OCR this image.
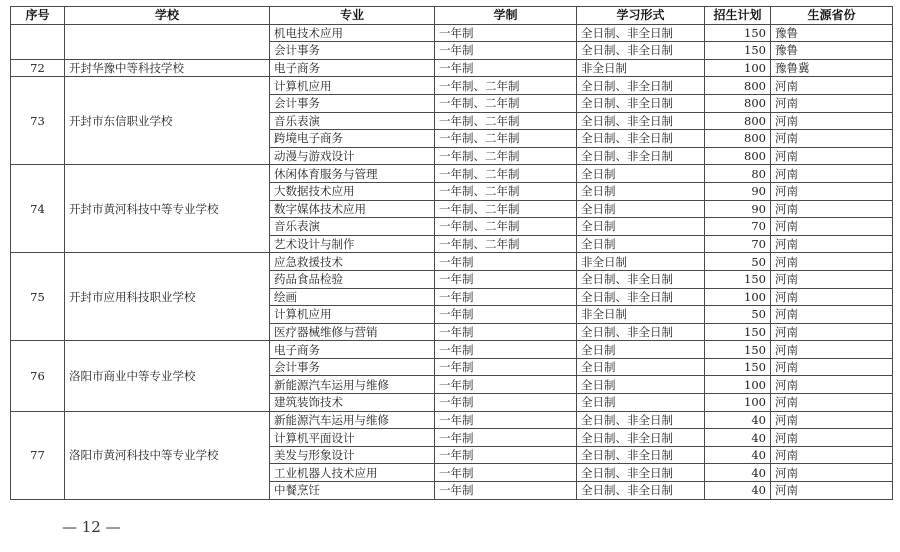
序号	学校	专业	学制	学习形式	招生计划	生源省份
		机电技术应用	一年制	全日制、非全日制	150	豫鲁
		会计事务	一年制	全日制、非全日制	150	豫鲁
72	开封华豫中等科技学校	电子商务	一年制	非全日制	100	豫鲁冀
73	开封市东信职业学校	计算机应用	一年制、二年制	全日制、非全日制	800	河南
		会计事务	一年制、二年制	全日制、非全日制	800	河南
		音乐表演	一年制、二年制	全日制、非全日制	800	河南
		跨境电子商务	一年制、二年制	全日制、非全日制	800	河南
		动漫与游戏设计	一年制、二年制	全日制、非全日制	800	河南
74	开封市黄河科技中等专业学校	休闲体育服务与管理	一年制、二年制	全日制	80	河南
		大数据技术应用	一年制、二年制	全日制	90	河南
		数字媒体技术应用	一年制、二年制	全日制	90	河南
		音乐表演	一年制、二年制	全日制	70	河南
		艺术设计与制作	一年制、二年制	全日制	70	河南
75	开封市应用科技职业学校	应急救援技术	一年制	非全日制	50	河南
		药品食品检验	一年制	全日制、非全日制	150	河南
		绘画	一年制	全日制、非全日制	100	河南
		计算机应用	一年制	非全日制	50	河南
		医疗器械维修与营销	一年制	全日制、非全日制	150	河南
76	洛阳市商业中等专业学校	电子商务	一年制	全日制	150	河南
		会计事务	一年制	全日制	150	河南
		新能源汽车运用与维修	一年制	全日制	100	河南
		建筑装饰技术	一年制	全日制	100	河南
77	洛阳市黄河科技中等专业学校	新能源汽车运用与维修	一年制	全日制、非全日制	40	河南
		计算机平面设计	一年制	全日制、非全日制	40	河南
		美发与形象设计	一年制	全日制、非全日制	40	河南
		工业机器人技术应用	一年制	全日制、非全日制	40	河南
		中餐烹饪	一年制	全日制、非全日制	40	河南
— 12 —
